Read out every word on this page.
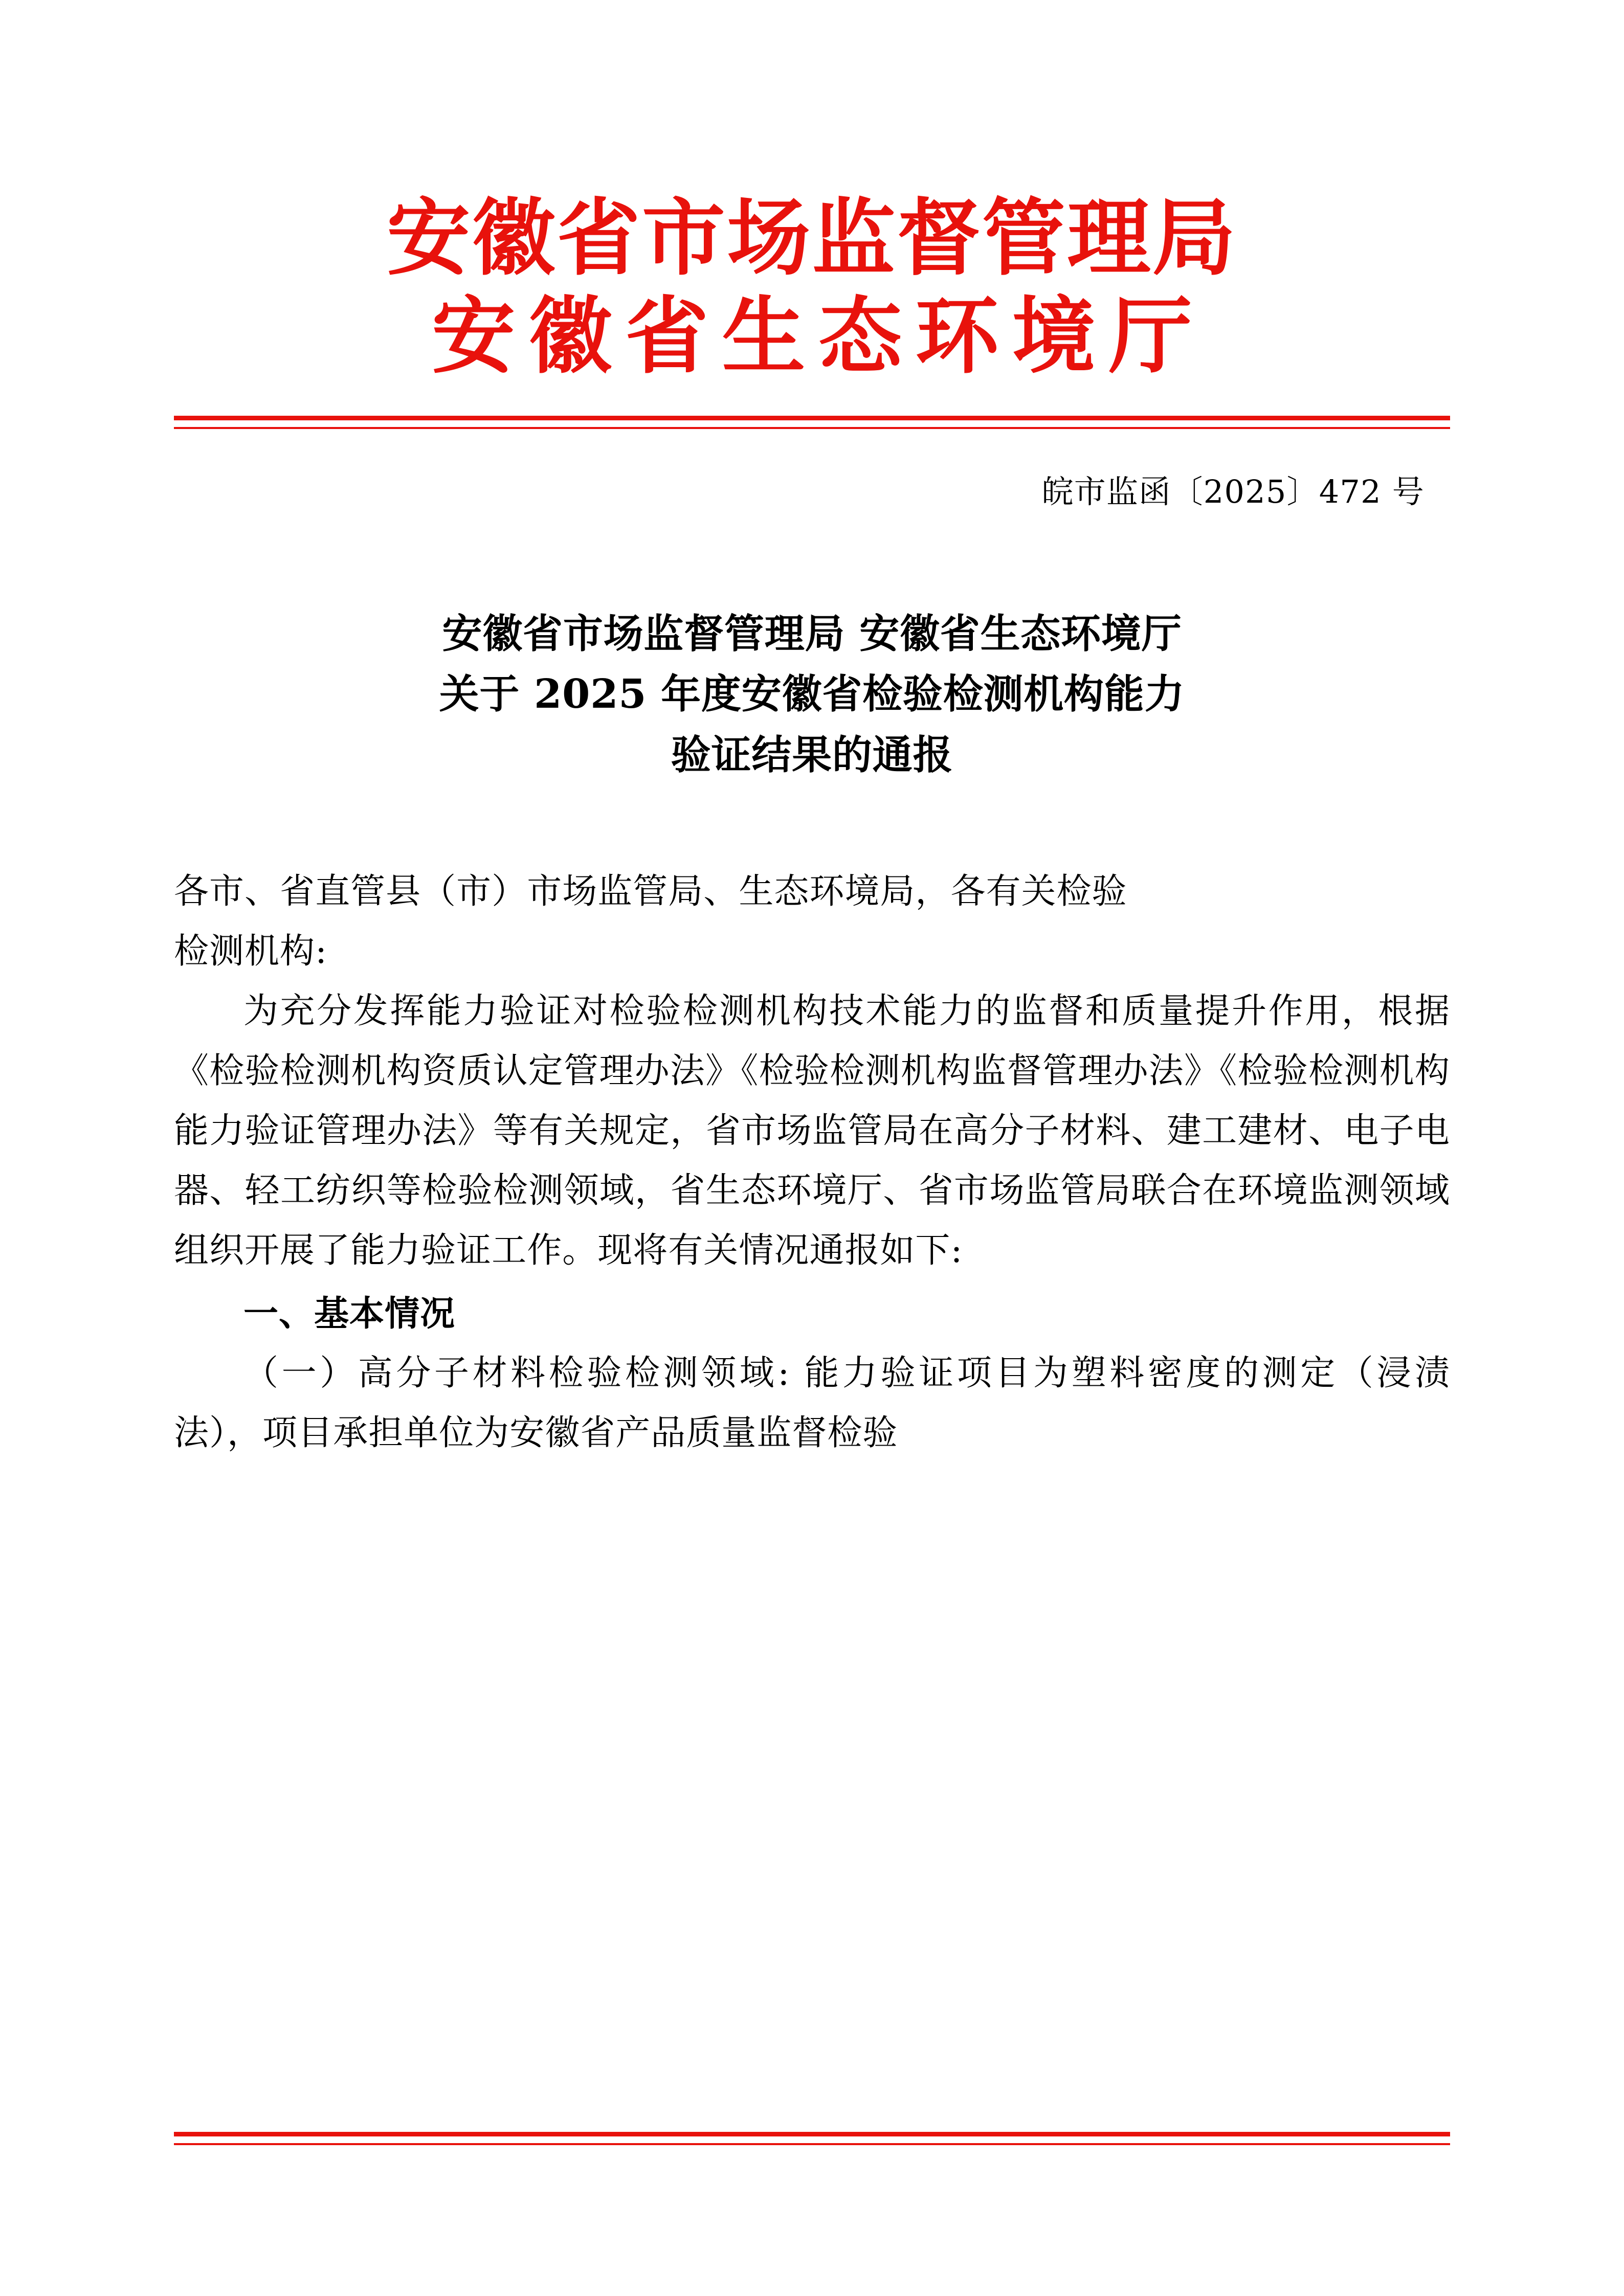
安徽省市场监督管理局
安徽省生态环境厅
皖市监函〔2025〕472 号
安徽省市场监督管理局 安徽省生态环境厅
关于 2025 年度安徽省检验检测机构能力
验证结果的通报

各市、省直管县（市）市场监管局、生态环境局，各有关检验

检测机构:

为充分发挥能力验证对检验检测机构技术能力的监督和质量提升作用，根据《检验检测机构资质认定管理办法》《检验检测机构监督管理办法》《检验检测机构能力验证管理办法》等有关规定，省市场监管局在高分子材料、建工建材、电子电器、轻工纺织等检验检测领域，省生态环境厅、省市场监管局联合在环境监测领域组织开展了能力验证工作。现将有关情况通报如下:

一、基本情况

（一）高分子材料检验检测领域: 能力验证项目为塑料密度的测定（浸渍法），项目承担单位为安徽省产品质量监督检验
